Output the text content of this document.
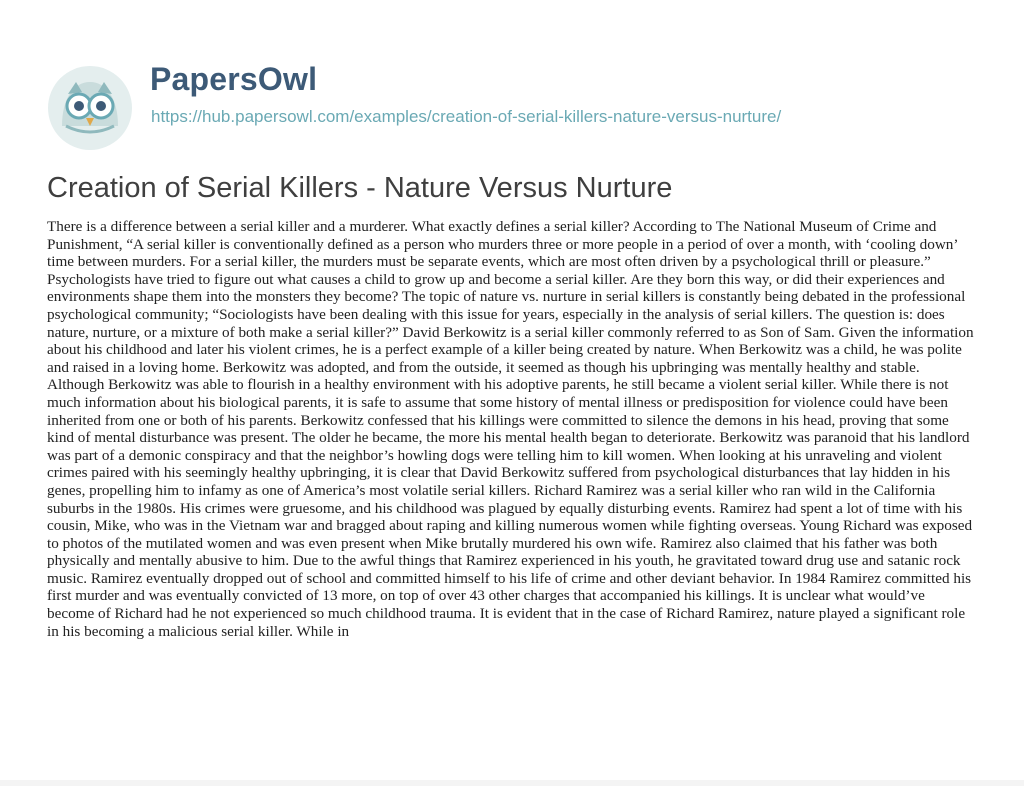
PapersOwl
https://hub.papersowl.com/examples/creation-of-serial-killers-nature-versus-nurture/
Creation of Serial Killers - Nature Versus Nurture

There is a difference between a serial killer and a murderer. What exactly defines a serial killer? According to The National Museum of Crime and Punishment, “A serial killer is conventionally defined as a person who murders three or more people in a period of over a month, with ‘cooling down’ time between murders. For a serial killer, the murders must be separate events, which are most often driven by a psychological thrill or pleasure.” Psychologists have tried to figure out what causes a child to grow up and become a serial killer. Are they born this way, or did their experiences and environments shape them into the monsters they become? The topic of nature vs. nurture in serial killers is constantly being debated in the professional psychological community; “Sociologists have been dealing with this issue for years, especially in the analysis of serial killers. The question is: does nature, nurture, or a mixture of both make a serial killer?” David Berkowitz is a serial killer commonly referred to as Son of Sam. Given the information about his childhood and later his violent crimes, he is a perfect example of a killer being created by nature. When Berkowitz was a child, he was polite and raised in a loving home. Berkowitz was adopted, and from the outside, it seemed as though his upbringing was mentally healthy and stable. Although Berkowitz was able to flourish in a healthy environment with his adoptive parents, he still became a violent serial killer. While there is not much information about his biological parents, it is safe to assume that some history of mental illness or predisposition for violence could have been inherited from one or both of his parents. Berkowitz confessed that his killings were committed to silence the demons in his head, proving that some kind of mental disturbance was present. The older he became, the more his mental health began to deteriorate. Berkowitz was paranoid that his landlord was part of a demonic conspiracy and that the neighbor’s howling dogs were telling him to kill women. When looking at his unraveling and violent crimes paired with his seemingly healthy upbringing, it is clear that David Berkowitz suffered from psychological disturbances that lay hidden in his genes, propelling him to infamy as one of America’s most volatile serial killers. Richard Ramirez was a serial killer who ran wild in the California suburbs in the 1980s. His crimes were gruesome, and his childhood was plagued by equally disturbing events. Ramirez had spent a lot of time with his cousin, Mike, who was in the Vietnam war and bragged about raping and killing numerous women while fighting overseas. Young Richard was exposed to photos of the mutilated women and was even present when Mike brutally murdered his own wife. Ramirez also claimed that his father was both physically and mentally abusive to him. Due to the awful things that Ramirez experienced in his youth, he gravitated toward drug use and satanic rock music. Ramirez eventually dropped out of school and committed himself to his life of crime and other deviant behavior. In 1984 Ramirez committed his first murder and was eventually convicted of 13 more, on top of over 43 other charges that accompanied his killings. It is unclear what would’ve become of Richard had he not experienced so much childhood trauma. It is evident that in the case of Richard Ramirez, nature played a significant role in his becoming a malicious serial killer. While in
